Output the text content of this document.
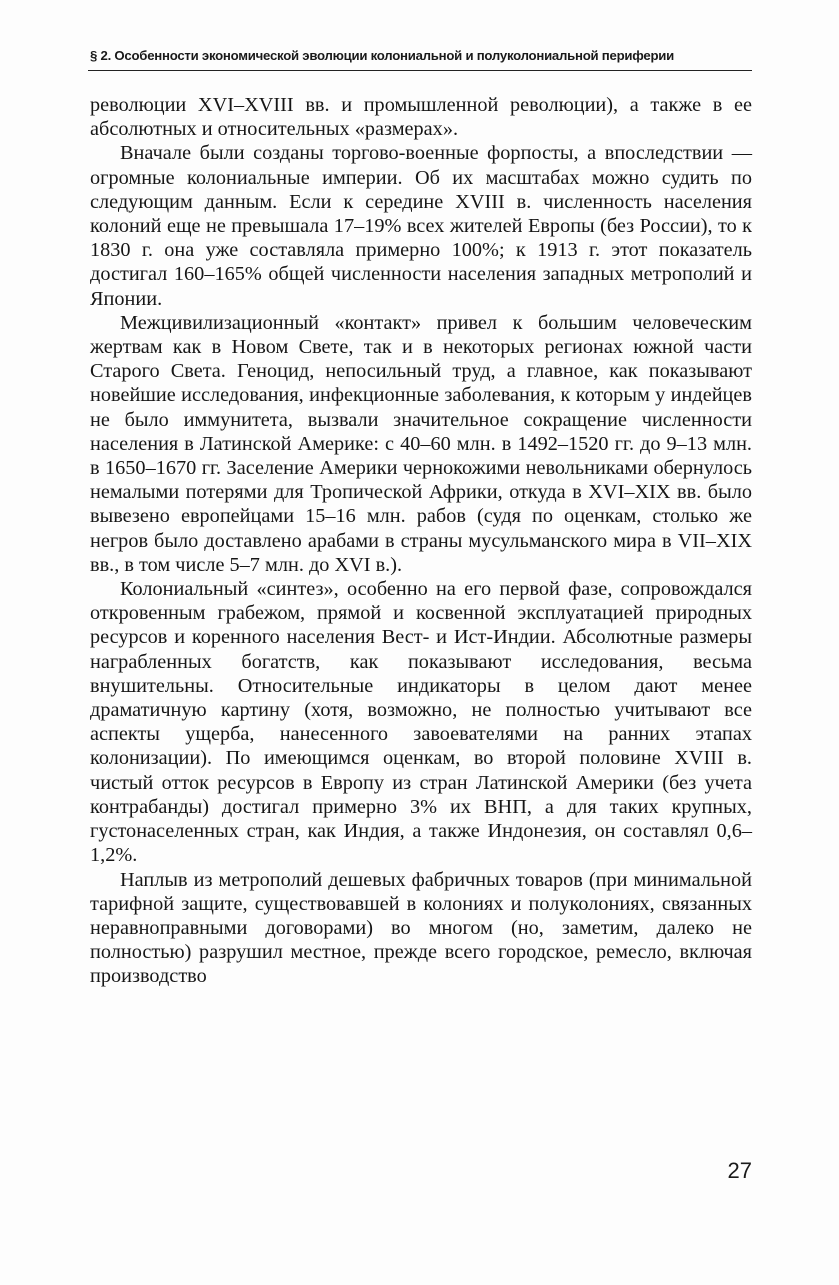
§ 2. Особенности экономической эволюции колониальной и полуколониальной периферии

революции XVI–XVIII вв. и промышленной революции), а также в ее абсолютных и относительных «размерах».

Вначале были созданы торгово-военные форпосты, а впоследствии — огромные колониальные империи. Об их масштабах можно судить по следующим данным. Если к середине XVIII в. численность населения колоний еще не превышала 17–19% всех жителей Европы (без России), то к 1830 г. она уже составляла примерно 100%; к 1913 г. этот показатель достигал 160–165% общей численности населения западных метрополий и Японии.

Межцивилизационный «контакт» привел к большим человеческим жертвам как в Новом Свете, так и в некоторых регионах южной части Старого Света. Геноцид, непосильный труд, а главное, как показывают новейшие исследования, инфекционные заболевания, к которым у индейцев не было иммунитета, вызвали значительное сокращение численности населения в Латинской Америке: с 40–60 млн. в 1492–1520 гг. до 9–13 млн. в 1650–1670 гг. Заселение Америки чернокожими невольниками обернулось немалыми потерями для Тропической Африки, откуда в XVI–XIX вв. было вывезено европейцами 15–16 млн. рабов (судя по оценкам, столько же негров было доставлено арабами в страны мусульманского мира в VII–XIX вв., в том числе 5–7 млн. до XVI в.).

Колониальный «синтез», особенно на его первой фазе, сопровождался откровенным грабежом, прямой и косвенной эксплуатацией природных ресурсов и коренного населения Вест- и Ист-Индии. Абсолютные размеры награбленных богатств, как показывают исследования, весьма внушительны. Относительные индикаторы в целом дают менее драматичную картину (хотя, возможно, не полностью учитывают все аспекты ущерба, нанесенного завоевателями на ранних этапах колонизации). По имеющимся оценкам, во второй половине XVIII в. чистый отток ресурсов в Европу из стран Латинской Америки (без учета контрабанды) достигал примерно 3% их ВНП, а для таких крупных, густонаселенных стран, как Индия, а также Индонезия, он составлял 0,6–1,2%.

Наплыв из метрополий дешевых фабричных товаров (при минимальной тарифной защите, существовавшей в колониях и полуколониях, связанных неравноправными договорами) во многом (но, заметим, далеко не полностью) разрушил местное, прежде всего городское, ремесло, включая производство

27
